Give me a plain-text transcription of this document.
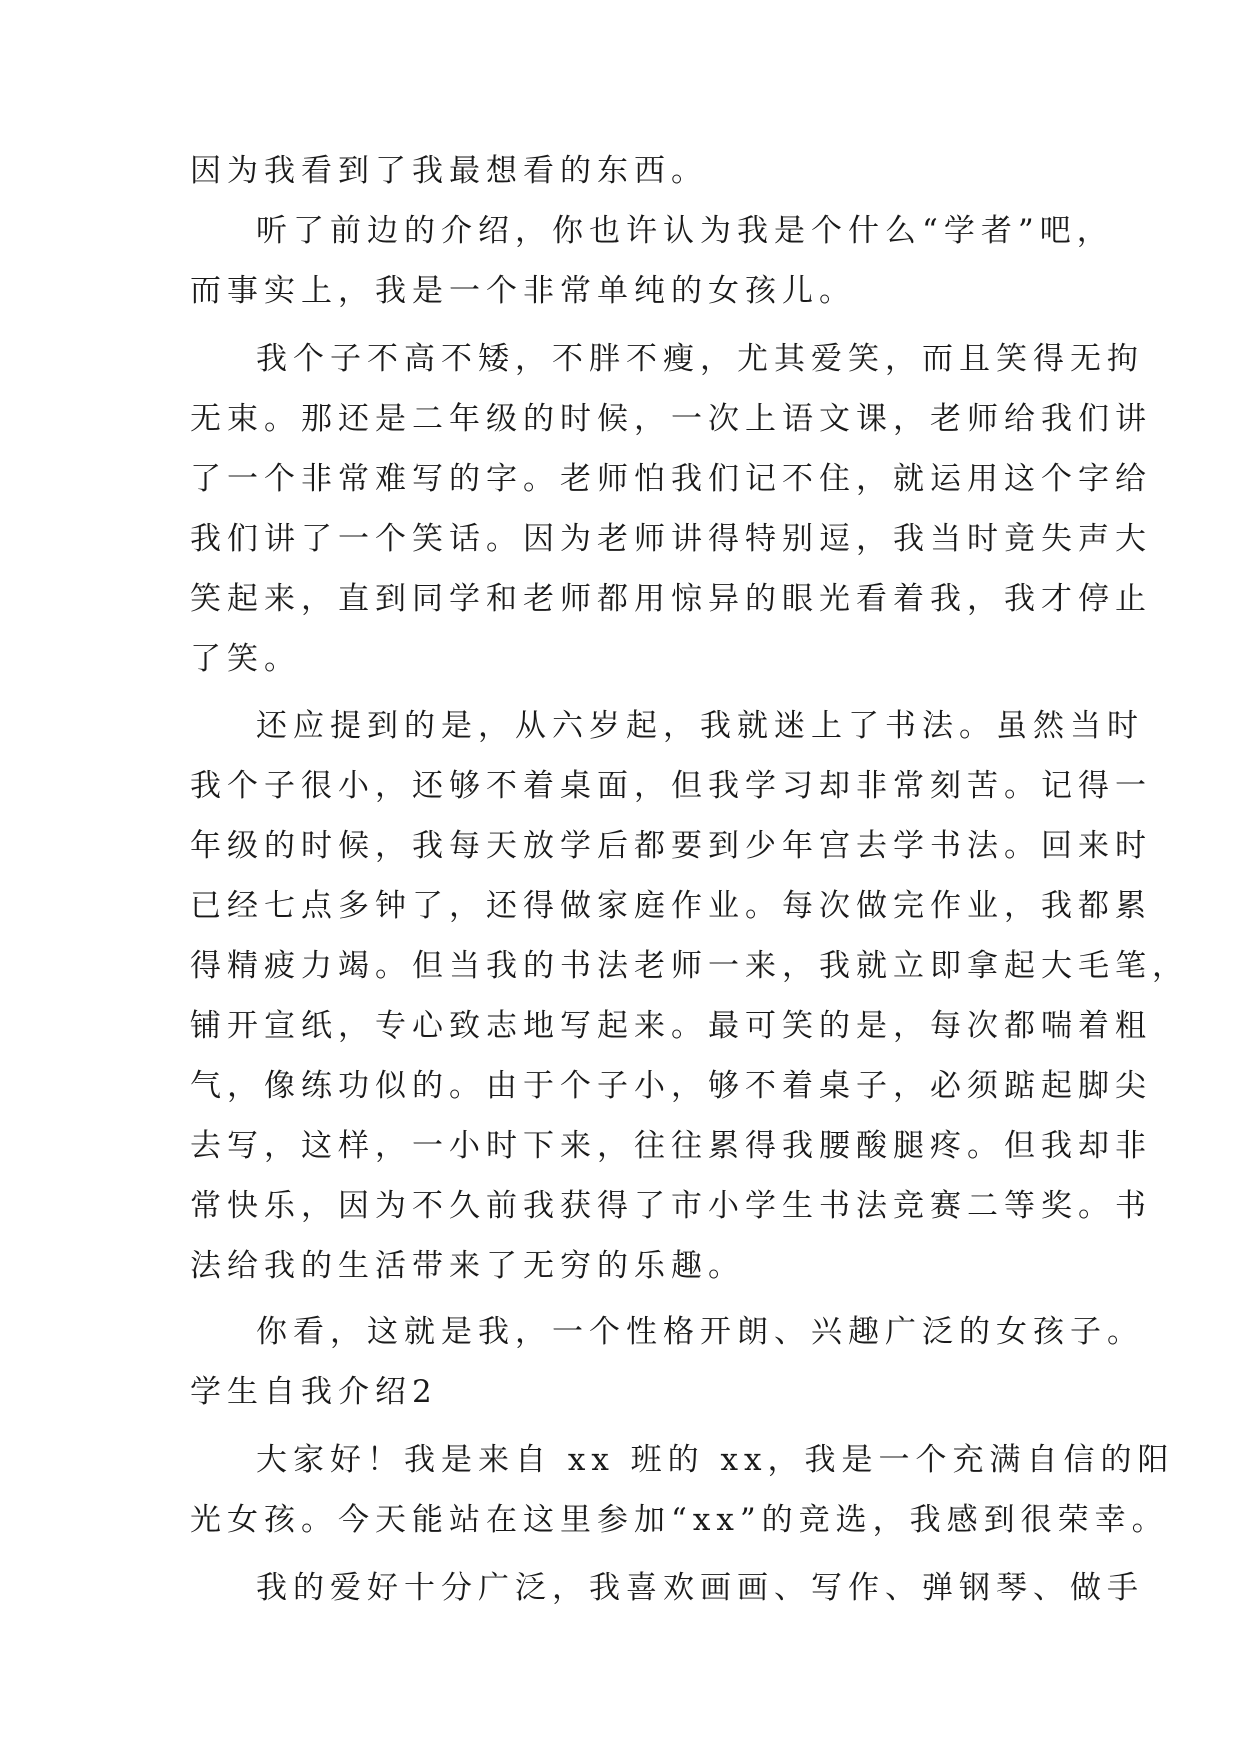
因为我看到了我最想看的东西。
听了前边的介绍，你也许认为我是个什么“学者”吧，
而事实上，我是一个非常单纯的女孩儿。
我个子不高不矮，不胖不瘦，尤其爱笑，而且笑得无拘
无束。那还是二年级的时候，一次上语文课，老师给我们讲
了一个非常难写的字。老师怕我们记不住，就运用这个字给
我们讲了一个笑话。因为老师讲得特别逗，我当时竟失声大
笑起来，直到同学和老师都用惊异的眼光看着我，我才停止
了笑。
还应提到的是，从六岁起，我就迷上了书法。虽然当时
我个子很小，还够不着桌面，但我学习却非常刻苦。记得一
年级的时候，我每天放学后都要到少年宫去学书法。回来时
已经七点多钟了，还得做家庭作业。每次做完作业，我都累
得精疲力竭。但当我的书法老师一来，我就立即拿起大毛笔，
铺开宣纸，专心致志地写起来。最可笑的是，每次都喘着粗
气，像练功似的。由于个子小，够不着桌子，必须踮起脚尖
去写，这样，一小时下来，往往累得我腰酸腿疼。但我却非
常快乐，因为不久前我获得了市小学生书法竞赛二等奖。书
法给我的生活带来了无穷的乐趣。
你看，这就是我，一个性格开朗、兴趣广泛的女孩子。
学生自我介绍2
大家好！我是来自 xx 班的 xx，我是一个充满自信的阳
光女孩。今天能站在这里参加“xx”的竞选，我感到很荣幸。
我的爱好十分广泛，我喜欢画画、写作、弹钢琴、做手
